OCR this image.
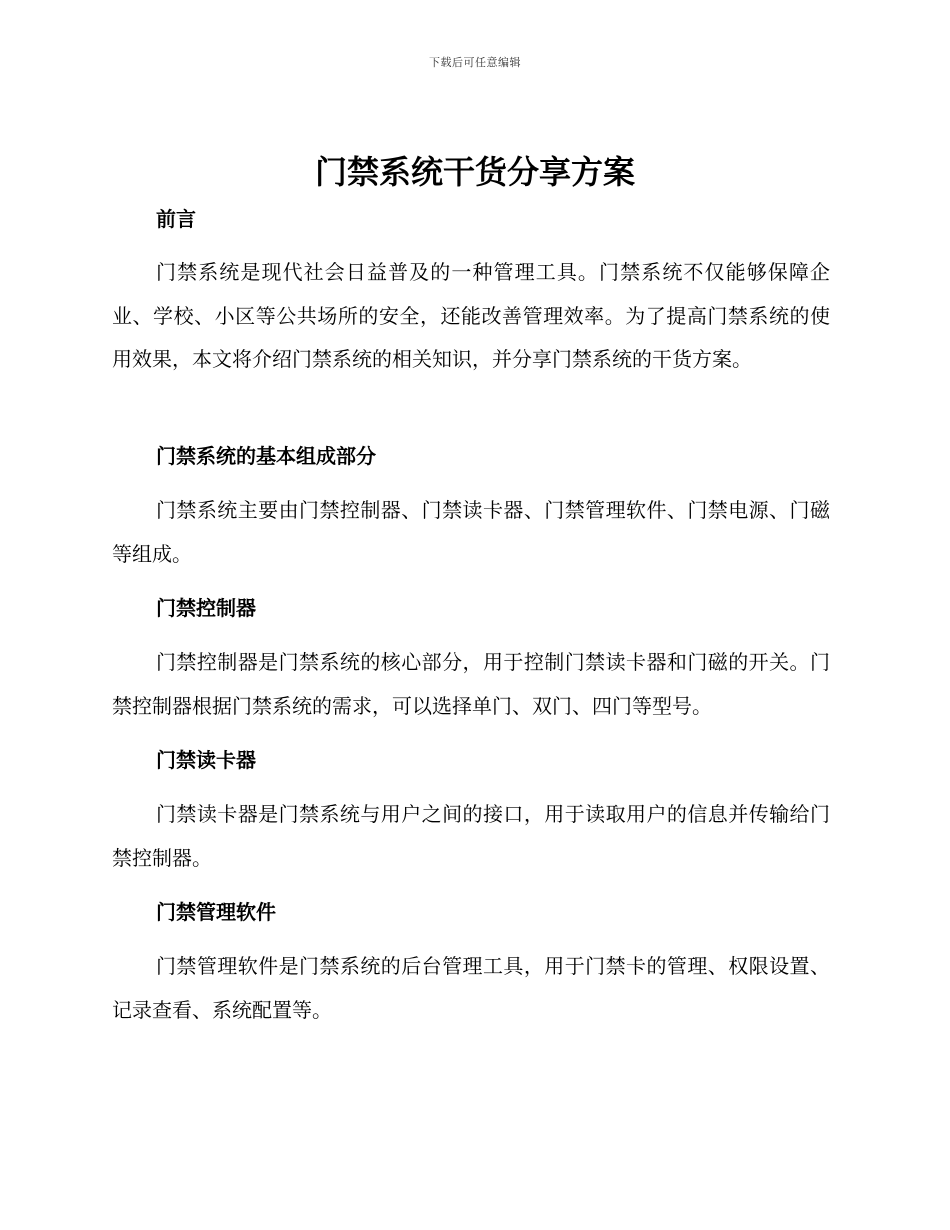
下载后可任意编辑
门禁系统干货分享方案
前言

门禁系统是现代社会日益普及的一种管理工具。门禁系统不仅能够保障企业、学校、小区等公共场所的安全，还能改善管理效率。为了提高门禁系统的使用效果，本文将介绍门禁系统的相关知识，并分享门禁系统的干货方案。

门禁系统的基本组成部分

门禁系统主要由门禁控制器、门禁读卡器、门禁管理软件、门禁电源、门磁等组成。

门禁控制器

门禁控制器是门禁系统的核心部分，用于控制门禁读卡器和门磁的开关。门禁控制器根据门禁系统的需求，可以选择单门、双门、四门等型号。

门禁读卡器

门禁读卡器是门禁系统与用户之间的接口，用于读取用户的信息并传输给门禁控制器。

门禁管理软件

门禁管理软件是门禁系统的后台管理工具，用于门禁卡的管理、权限设置、记录查看、系统配置等。
